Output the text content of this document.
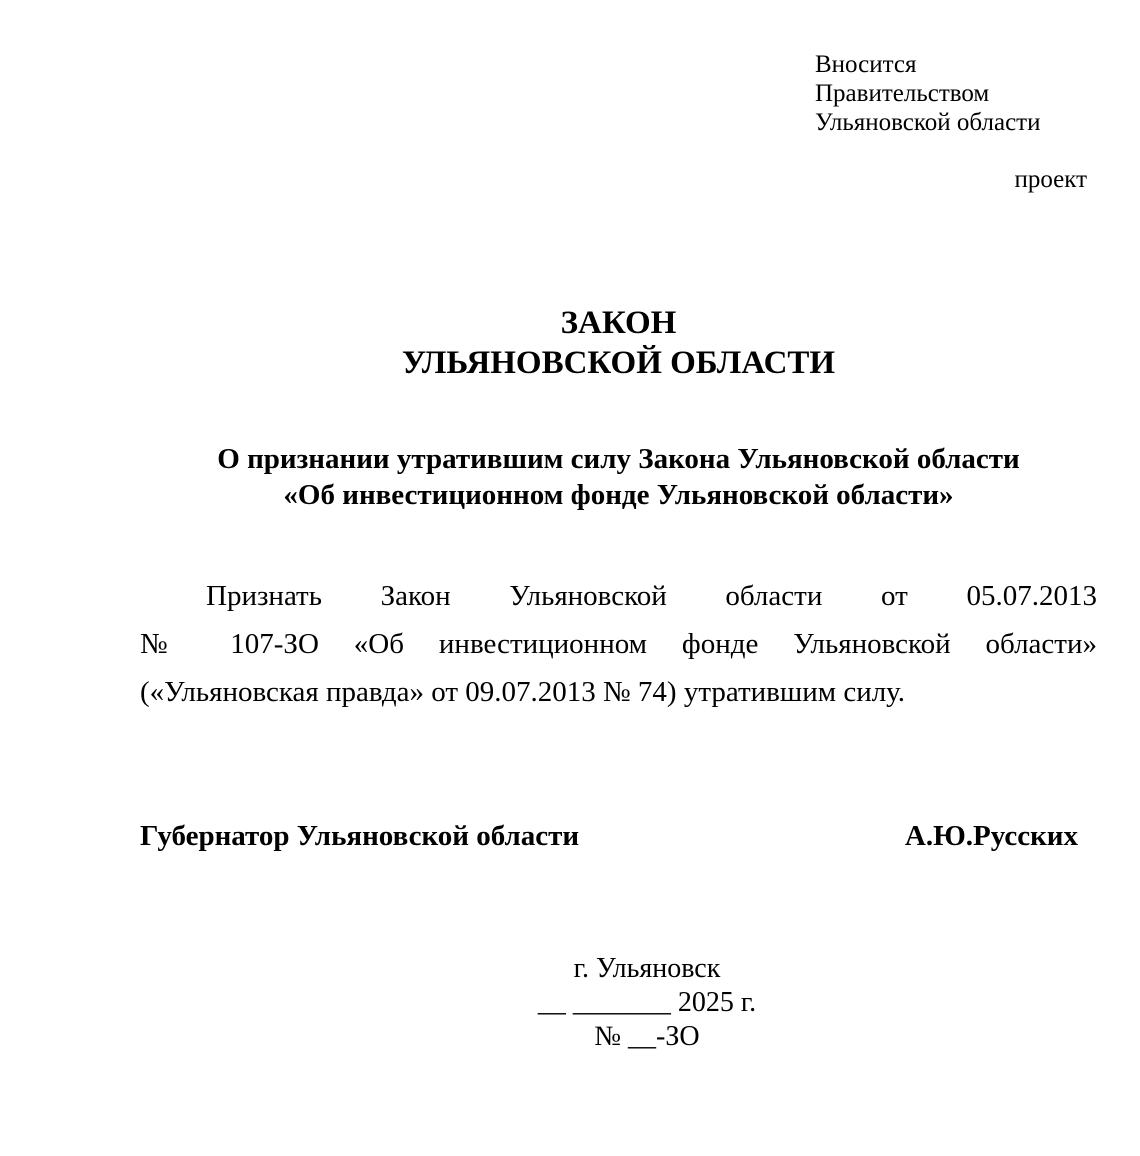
Вносится
Правительством
Ульяновской области
проект
ЗАКОН
УЛЬЯНОВСКОЙ ОБЛАСТИ
О признании утратившим силу Закона Ульяновской области
«Об инвестиционном фонде Ульяновской области»
Признать Закон Ульяновской области от 05.07.2013
№ 107-ЗО «Об инвестиционном фонде Ульяновской области»
(«Ульяновская правда» от 09.07.2013 № 74) утратившим силу.
Губернатор Ульяновской области	А.Ю.Русских
г. Ульяновск
__ _______ 2025 г.
№ __-ЗО
